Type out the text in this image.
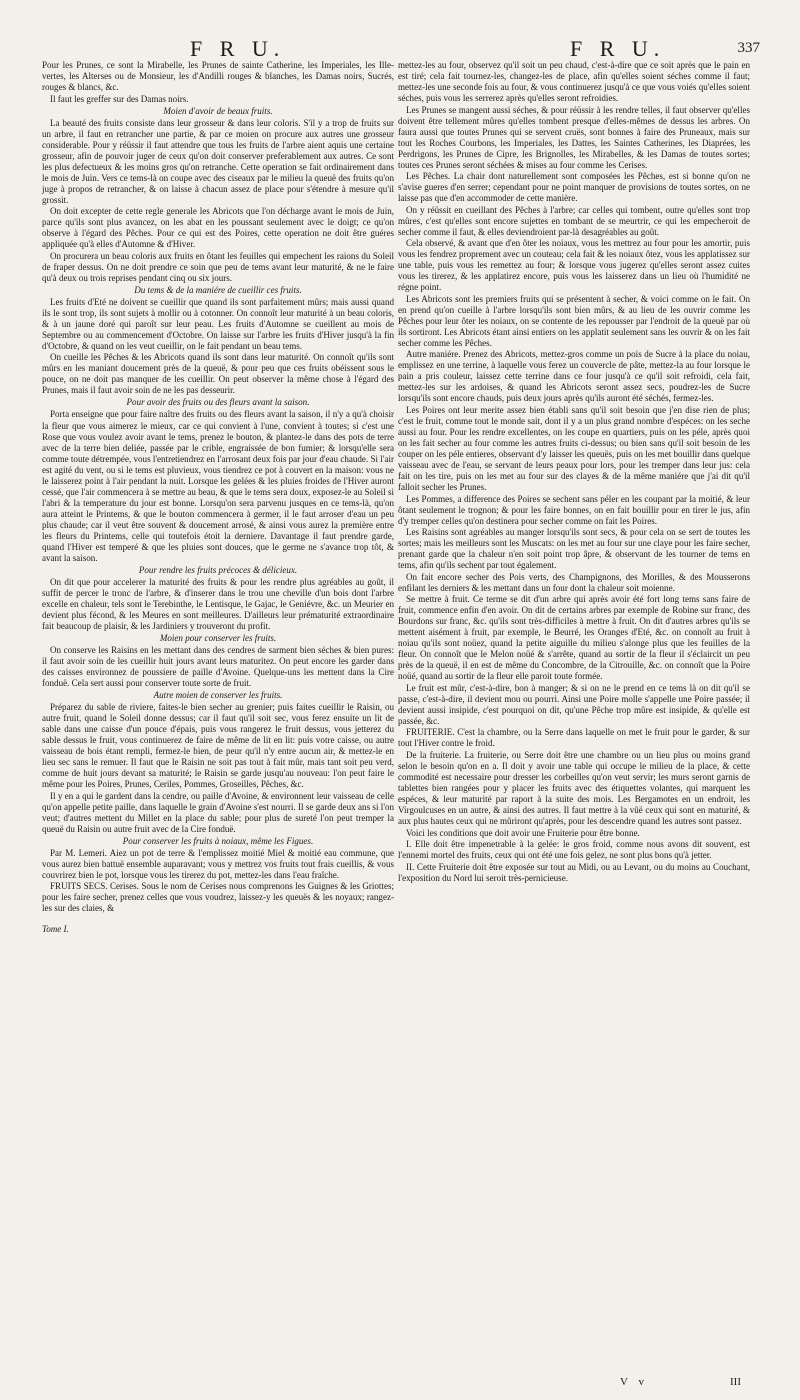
F R U.	F R U.	337

Pour les Prunes, ce sont la Mirabelle, les Prunes de sainte Catherine, les Imperiales, les Ille-vertes, les Alterses ou de Monsieur, les d'Andilli rouges & blanches, les Damas noirs, Sucrés, rouges & blancs, &c.

Il faut les greffer sur des Damas noirs.

Moien d'avoir de beaux fruits.

La beauté des fruits consiste dans leur grosseur & dans leur coloris. S'il y a trop de fruits sur un arbre, il faut en retrancher une partie, & par ce moien on procure aux autres une grosseur considerable. Pour y réüssir il faut attendre que tous les fruits de l'arbre aient aquis une certaine grosseur, afin de pouvoir juger de ceux qu'on doit conserver preferablement aux autres. Ce sont les plus defectueux & les moins gros qu'on retranche. Cette operation se fait ordinairement dans le mois de Juin. Vers ce tems-là on coupe avec des ciseaux par le milieu la queuë des fruits qu'on juge à propos de retrancher, & on laisse à chacun assez de place pour s'étendre à mesure qu'il grossit.

On doit excepter de cette regle generale les Abricots que l'on décharge avant le mois de Juin, parce qu'ils sont plus avancez, on les abat en les poussant seulement avec le doigt; ce qu'on observe à l'égard des Pêches. Pour ce qui est des Poires, cette operation ne doit être guéres appliquée qu'à elles d'Automne & d'Hiver.

On procurera un beau coloris aux fruits en ôtant les feuilles qui empechent les raions du Soleil de fraper dessus. On ne doit prendre ce soin que peu de tems avant leur maturité, & ne le faire qu'à deux ou trois reprises pendant cinq ou six jours.

Du tems & de la maniére de cueillir ces fruits.

Les fruits d'Eté ne doivent se cueillir que quand ils sont parfaitement mûrs; mais aussi quand ils le sont trop, ils sont sujets à mollir ou à cotonner. On connoît leur maturité à un beau coloris, & à un jaune doré qui paroît sur leur peau. Les fruits d'Automne se cueillent au mois de Septembre ou au commencement d'Octobre. On laisse sur l'arbre les fruits d'Hiver jusqu'à la fin d'Octobre, & quand on les veut cueillir, on le fait pendant un beau tems.

On cueille les Pêches & les Abricots quand ils sont dans leur maturité. On connoît qu'ils sont mûrs en les maniant doucement près de la queuë, & pour peu que ces fruits obéissent sous le pouce, on ne doit pas manquer de les cueillir. On peut observer la même chose à l'égard des Prunes, mais il faut avoir soin de ne les pas desseurir.

Pour avoir des fruits ou des fleurs avant la saison.

Porta enseigne que pour faire naître des fruits ou des fleurs avant la saison, il n'y a qu'à choisir la fleur que vous aimerez le mieux, car ce qui convient à l'une, convient à toutes; si c'est une Rose que vous voulez avoir avant le tems, prenez le bouton, & plantez-le dans des pots de terre avec de la terre bien deliée, passée par le crible, engraissée de bon fumier; & lorsqu'elle sera comme toute détrempée, vous l'entretiendrez en l'arrosant deux fois par jour d'eau chaude. Si l'air est agité du vent, ou si le tems est pluvieux, vous tiendrez ce pot à couvert en la maison: vous ne le laisserez point à l'air pendant la nuit. Lorsque les gelées & les pluies froides de l'Hiver auront cessé, que l'air commencera à se mettre au beau, & que le tems sera doux, exposez-le au Soleil si l'abri & la temperature du jour est bonne. Lorsqu'on sera parvenu jusques en ce tems-là, qu'on aura atteint le Printems, & que le bouton commencera à germer, il le faut arroser d'eau un peu plus chaude; car il veut être souvent & doucement arrosé, & ainsi vous aurez la première entre les fleurs du Printems, celle qui toutefois étoit la derniere. Davantage il faut prendre garde, quand l'Hiver est temperé & que les pluies sont douces, que le germe ne s'avance trop tôt, & avant la saison.

Pour rendre les fruits précoces & délicieux.

On dit que pour accelerer la maturité des fruits & pour les rendre plus agréables au goût, il suffit de percer le tronc de l'arbre, & d'inserer dans le trou une cheville d'un bois dont l'arbre excelle en chaleur, tels sont le Terebinthe, le Lentisque, le Gajac, le Geniévre, &c. un Meurier en devient plus fécond, & les Meures en sont meilleures. D'ailleurs leur prématurité extraordinaire fait beaucoup de plaisir, & les Jardiniers y trouveront du profit.

Moien pour conserver les fruits.

On conserve les Raisins en les mettant dans des cendres de sarment bien séches & bien pures: il faut avoir soin de les cueillir huit jours avant leurs maturitez. On peut encore les garder dans des caisses environnez de poussiere de paille d'Avoine. Quelque-uns les mettent dans la Cire fonduë. Cela sert aussi pour conserver toute sorte de fruit.

Autre moien de conserver les fruits.

Préparez du sable de riviere, faites-le bien secher au grenier; puis faites cueillir le Raisin, ou autre fruit, quand le Soleil donne dessus; car il faut qu'il soit sec, vous ferez ensuite un lit de sable dans une caisse d'un pouce d'épais, puis vous rangerez le fruit dessus, vous jetterez du sable dessus le fruit, vous continuerez de faire de même de lit en lit: puis votre caisse, ou autre vaisseau de bois étant rempli, fermez-le bien, de peur qu'il n'y entre aucun air, & mettez-le en lieu sec sans le remuer. Il faut que le Raisin ne soit pas tout à fait mûr, mais tant soit peu verd, comme de huit jours devant sa maturité; le Raisin se garde jusqu'au nouveau: l'on peut faire le même pour les Poires, Prunes, Ceriles, Pommes, Groseilles, Pêches, &c.

Il y en a qui le gardent dans la cendre, ou paille d'Avoine, & environnent leur vaisseau de celle qu'on appelle petite paille, dans laquelle le grain d'Avoine s'est nourri. Il se garde deux ans si l'on veut; d'autres mettent du Millet en la place du sable; pour plus de sureté l'on peut tremper la queuë du Raisin ou autre fruit avec de la Cire fonduë.

Pour conserver les fruits à noiaux, même les Figues.

Par M. Lemeri. Aiez un pot de terre & l'emplissez moitié Miel & moitié eau commune, que vous aurez bien battuë ensemble auparavant; vous y mettrez vos fruits tout frais cueillis, & vous couvrirez bien le pot, lorsque vous les tirerez du pot, mettez-les dans l'eau fraîche.

FRUITS SECS. Cerises. Sous le nom de Cerises nous comprenons les Guignes & les Griottes; pour les faire secher, prenez celles que vous voudrez, laissez-y les queuës & les noyaux; rangez-les sur des claies, &

Tome I.

mettez-les au four, observez qu'il soit un peu chaud, c'est-à-dire que ce soit après que le pain en est tiré; cela fait tournez-les, changez-les de place, afin qu'elles soient séches comme il faut; mettez-les une seconde fois au four, & vous continuerez jusqu'à ce que vous voiés qu'elles soient séches, puis vous les serrerez après qu'elles seront refroidies.

Les Prunes se mangent aussi séches, & pour réüssir à les rendre telles, il faut observer qu'elles doivent être tellement mûres qu'elles tombent presque d'elles-mêmes de dessus les arbres. On faura aussi que toutes Prunes qui se servent cruës, sont bonnes à faire des Pruneaux, mais sur tout les Roches Courbons, les Imperiales, les Dattes, les Saintes Catherines, les Diaprées, les Perdrigons, les Prunes de Cipre, les Brignolles, les Mirabelles, & les Damas de toutes sortes; toutes ces Prunes seront séchées & mises au four comme les Cerises.

Les Pêches. La chair dont naturellement sont composées les Pêches, est si bonne qu'on ne s'avise gueres d'en serrer; cependant pour ne point manquer de provisions de toutes sortes, on ne laisse pas que d'en accommoder de cette manière.

On y réüssit en cueillant des Pêches à l'arbre; car celles qui tombent, outre qu'elles sont trop mûres, c'est qu'elles sont encore sujettes en tombant de se meurtrir, ce qui les empecheroit de secher comme il faut, & elles deviendroient par-là desagréables au goût.

Cela observé, & avant que d'en ôter les noiaux, vous les mettrez au four pour les amortir, puis vous les fendrez proprement avec un couteau; cela fait & les noiaux ôtez, vous les applatissez sur une table, puis vous les remettez au four; & lorsque vous jugerez qu'elles seront assez cuites vous les tirerez, & les applatirez encore, puis vous les laisserez dans un lieu où l'humidité ne régne point.

Les Abricots sont les premiers fruits qui se présentent à secher, & voici comme on le fait. On en prend qu'on cueille à l'arbre lorsqu'ils sont bien mûrs, & au lieu de les ouvrir comme les Pêches pour leur ôter les noiaux, on se contente de les repousser par l'endroit de la queuë par où ils sortiront. Les Abricots étant ainsi entiers on les applatit seulement sans les ouvrir & on les fait secher comme les Pêches.

Autre maniére. Prenez des Abricots, mettez-gros comme un pois de Sucre à la place du noiau, emplissez en une terrine, à laquelle vous ferez un couvercle de pâte, mettez-la au four lorsque le pain a pris couleur, laissez cette terrine dans ce four jusqu'à ce qu'il soit refroidi, cela fait, mettez-les sur les ardoises, & quand les Abricots seront assez secs, poudrez-les de Sucre lorsqu'ils sont encore chauds, puis deux jours après qu'ils auront été séchés, fermez-les.

Les Poires ont leur merite assez bien établi sans qu'il soit besoin que j'en dise rien de plus; c'est le fruit, comme tout le monde sait, dont il y a un plus grand nombre d'espéces: on les seche aussi au four. Pour les rendre excellentes, on les coupe en quartiers, puis on les péle, après quoi on les fait secher au four comme les autres fruits ci-dessus; ou bien sans qu'il soit besoin de les couper on les péle entieres, observant d'y laisser les queuës, puis on les met bouillir dans quelque vaisseau avec de l'eau, se servant de leurs peaux pour lors, pour les tremper dans leur jus: cela fait on les tire, puis on les met au four sur des clayes & de la même maniére que j'ai dit qu'il falloit secher les Prunes.

Les Pommes, a difference des Poires se sechent sans péler en les coupant par la moitié, & leur ôtant seulement le trognon; & pour les faire bonnes, on en fait bouillir pour en tirer le jus, afin d'y tremper celles qu'on destinera pour secher comme on fait les Poires.

Les Raisins sont agréables au manger lorsqu'ils sont secs, & pour cela on se sert de toutes les sortes; mais les meilleurs sont les Muscats: on les met au four sur une claye pour les faire secher, prenant garde que la chaleur n'en soit point trop âpre, & observant de les tourner de tems en tems, afin qu'ils sechent par tout également.

On fait encore secher des Pois verts, des Champignons, des Morilles, & des Mousserons enfilant les derniers & les mettant dans un four dont la chaleur soit moienne.

Se mettre à fruit. Ce terme se dit d'un arbre qui après avoir été fort long tems sans faire de fruit, commence enfin d'en avoir. On dit de certains arbres par exemple de Robine sur franc, des Bourdons sur franc, &c. qu'ils sont très-difficiles à mettre à fruit. On dit d'autres arbres qu'ils se mettent aisément à fruit, par exemple, le Beurré, les Oranges d'Eté, &c. on connoît au fruit à noiau qu'ils sont noüez, quand la petite aiguille du milieu s'alonge plus que les feuilles de la fleur. On connoît que le Melon noüé & s'arrête, quand au sortir de la fleur il s'éclaircit un peu près de la queuë, il en est de même du Concombre, de la Citrouille, &c. on connoît que la Poire noüé, quand au sortir de la fleur elle paroit toute formée.

Le fruit est mûr, c'est-à-dire, bon à manger; & si on ne le prend en ce tems là on dit qu'il se passe, c'est-à-dire, il devient mou ou pourri. Ainsi une Poire molle s'appelle une Poire passée; il devient aussi insipide, c'est pourquoi on dit, qu'une Pêche trop mûre est insipide, & qu'elle est passée, &c.

FRUITERIE. C'est la chambre, ou la Serre dans laquelle on met le fruit pour le garder, & sur tout l'Hiver contre le froid.

De la fruiterie. La fruiterie, ou Serre doit être une chambre ou un lieu plus ou moins grand selon le besoin qu'on en a. Il doit y avoir une table qui occupe le milieu de la place, & cette commodité est necessaire pour dresser les corbeilles qu'on veut servir; les murs seront garnis de tablettes bien rangées pour y placer les fruits avec des étiquettes volantes, qui marquent les espéces, & leur maturité par raport à la suite des mois. Les Bergamotes en un endroit, les Virgoulcuses en un autre, & ainsi des autres. Il faut mettre à la vûë ceux qui sont en maturité, & aux plus hautes ceux qui ne mûriront qu'après, pour les descendre quand les autres sont passez.

Voici les conditions que doit avoir une Fruiterie pour être bonne.

I. Elle doit être impenetrable à la gelée: le gros froid, comme nous avons dit souvent, est l'ennemi mortel des fruits, ceux qui ont été une fois gelez, ne sont plus bons qu'à jetter.

II. Cette Fruiterie doit être exposée sur tout au Midi, ou au Levant, ou du moins au Couchant, l'exposition du Nord lui seroit très-pernicieuse.

V v	III
